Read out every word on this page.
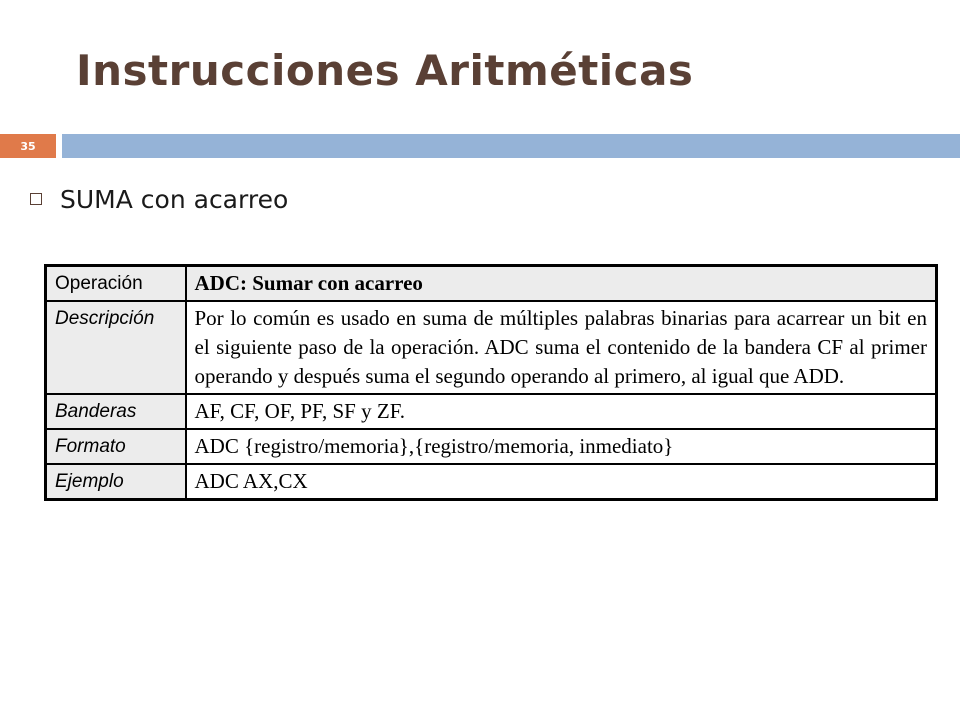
Instrucciones Aritméticas
35
SUMA con acarreo
Operación	ADC: Sumar con acarreo
Descripción	Por lo común es usado en suma de múltiples palabras binarias para acarrear un bit en el siguiente paso de la operación. ADC suma el contenido de la bandera CF al primer operando y después suma el segundo operando al primero, al igual que ADD.
Banderas	AF, CF, OF, PF, SF y ZF.
Formato	ADC {registro/memoria},{registro/memoria, inmediato}
Ejemplo	ADC AX,CX
